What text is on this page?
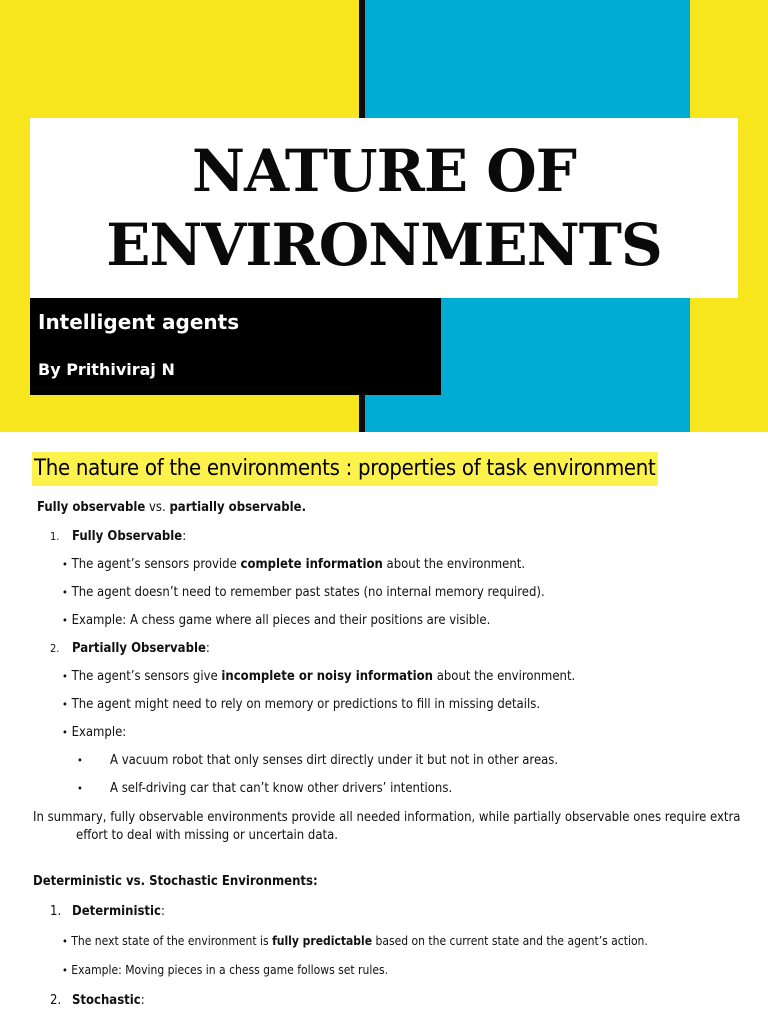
NATURE OF
ENVIRONMENTS
Intelligent agents
By Prithiviraj N
The nature of the environments : properties of task environment
Fully observable vs. partially observable.
1. Fully Observable:
• The agent’s sensors provide complete information about the environment.
• The agent doesn’t need to remember past states (no internal memory required).
• Example: A chess game where all pieces and their positions are visible.
2. Partially Observable:
• The agent’s sensors give incomplete or noisy information about the environment.
• The agent might need to rely on memory or predictions to fill in missing details.
• Example:
• A vacuum robot that only senses dirt directly under it but not in other areas.
• A self-driving car that can’t know other drivers’ intentions.
In summary, fully observable environments provide all needed information, while partially observable ones require extra
effort to deal with missing or uncertain data.
Deterministic vs. Stochastic Environments:
1. Deterministic:
• The next state of the environment is fully predictable based on the current state and the agent’s action.
• Example: Moving pieces in a chess game follows set rules.
2. Stochastic:
